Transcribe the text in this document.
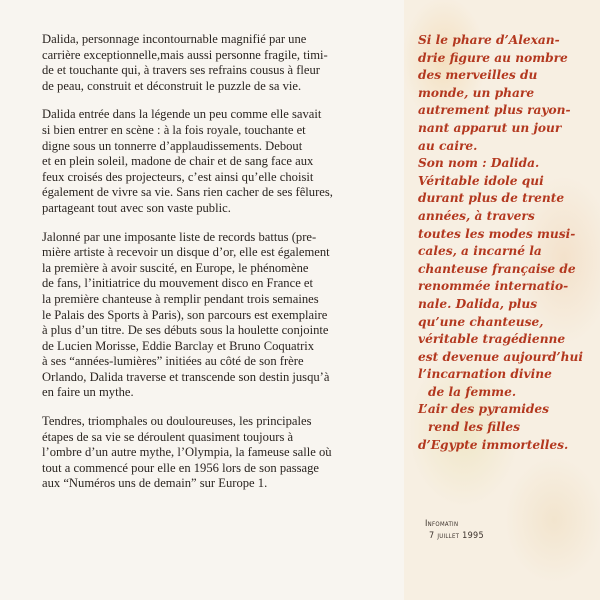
Dalida, personnage incontournable magnifié par une
carrière exceptionnelle,mais aussi personne fragile, timi-
de et touchante qui, à travers ses refrains cousus à fleur
de peau, construit et déconstruit le puzzle de sa vie.

Dalida entrée dans la légende un peu comme elle savait
si bien entrer en scène : à la fois royale, touchante et
digne sous un tonnerre d’applaudissements. Debout
et en plein soleil, madone de chair et de sang face aux
feux croisés des projecteurs, c’est ainsi qu’elle choisit
également de vivre sa vie. Sans rien cacher de ses fêlures,
partageant tout avec son vaste public.

Jalonné par une imposante liste de records battus (pre-
mière artiste à recevoir un disque d’or, elle est également
la première à avoir suscité, en Europe, le phénomène
de fans, l’initiatrice du mouvement disco en France et
la première chanteuse à remplir pendant trois semaines
le Palais des Sports à Paris), son parcours est exemplaire
à plus d’un titre. De ses débuts sous la houlette conjointe
de Lucien Morisse, Eddie Barclay et Bruno Coquatrix
à ses “années-lumières” initiées au côté de son frère
Orlando, Dalida traverse et transcende son destin jusqu’à
en faire un mythe.

Tendres, triomphales ou douloureuses, les principales
étapes de sa vie se déroulent quasiment toujours à
l’ombre d’un autre mythe, l’Olympia, la fameuse salle où
tout a commencé pour elle en 1956 lors de son passage
aux “Numéros uns de demain” sur Europe 1.

Si le phare d’Alexan-
drie figure au nombre
des merveilles du
monde, un phare
autrement plus rayon-
nant apparut un jour
au caire.
Son nom : Dalida.
Véritable idole qui
durant plus de trente
années, à travers
toutes les modes musi-
cales, a incarné la
chanteuse française de
renommée internatio-
nale. Dalida, plus
qu’une chanteuse,
véritable tragédienne
est devenue aujourd’hui
l’incarnation divine
de la femme.
L’air des pyramides
rend les filles
d’Egypte immortelles.
Infomatin
7 juillet 1995
